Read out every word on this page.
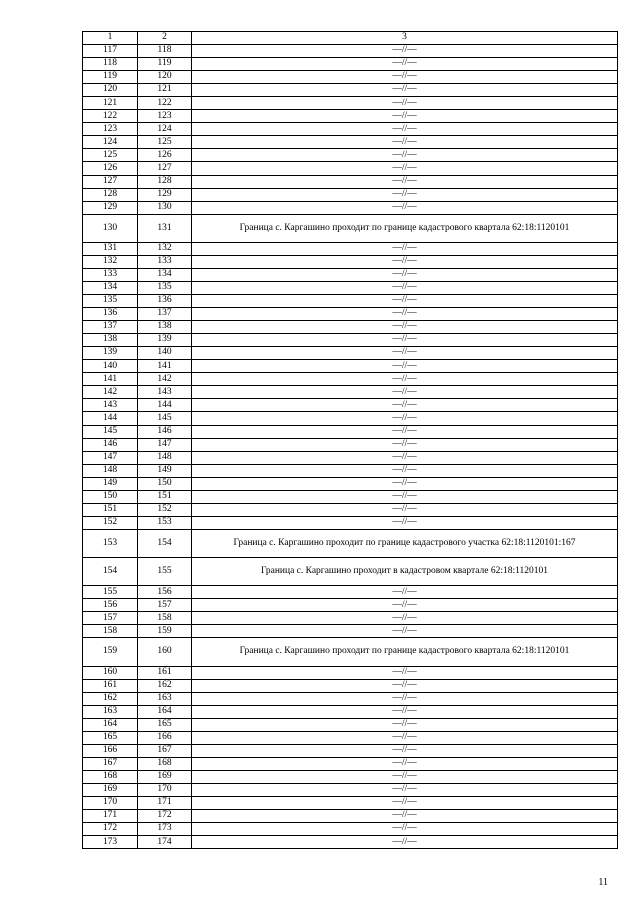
1	2	3
117	118	—//—
118	119	—//—
119	120	—//—
120	121	—//—
121	122	—//—
122	123	—//—
123	124	—//—
124	125	—//—
125	126	—//—
126	127	—//—
127	128	—//—
128	129	—//—
129	130	—//—
130	131	Граница с. Каргашино проходит по границе кадастрового квартала 62:18:1120101
131	132	—//—
132	133	—//—
133	134	—//—
134	135	—//—
135	136	—//—
136	137	—//—
137	138	—//—
138	139	—//—
139	140	—//—
140	141	—//—
141	142	—//—
142	143	—//—
143	144	—//—
144	145	—//—
145	146	—//—
146	147	—//—
147	148	—//—
148	149	—//—
149	150	—//—
150	151	—//—
151	152	—//—
152	153	—//—
153	154	Граница с. Каргашино проходит по границе кадастрового участка 62:18:1120101:167
154	155	Граница с. Каргашино проходит в кадастровом квартале 62:18:1120101
155	156	—//—
156	157	—//—
157	158	—//—
158	159	—//—
159	160	Граница с. Каргашино проходит по границе кадастрового квартала 62:18:1120101
160	161	—//—
161	162	—//—
162	163	—//—
163	164	—//—
164	165	—//—
165	166	—//—
166	167	—//—
167	168	—//—
168	169	—//—
169	170	—//—
170	171	—//—
171	172	—//—
172	173	—//—
173	174	—//—
11
